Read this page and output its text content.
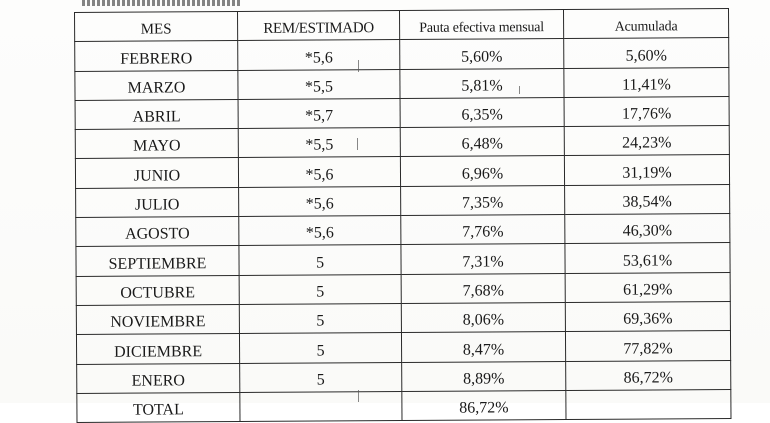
MES	REM/ESTIMADO	Pauta efectiva mensual	Acumulada
FEBRERO	*5,6	5,60%	5,60%
MARZO	*5,5	5,81%	11,41%
ABRIL	*5,7	6,35%	17,76%
MAYO	*5,5	6,48%	24,23%
JUNIO	*5,6	6,96%	31,19%
JULIO	*5,6	7,35%	38,54%
AGOSTO	*5,6	7,76%	46,30%
SEPTIEMBRE	5	7,31%	53,61%
OCTUBRE	5	7,68%	61,29%
NOVIEMBRE	5	8,06%	69,36%
DICIEMBRE	5	8,47%	77,82%
ENERO	5	8,89%	86,72%
TOTAL		86,72%	
